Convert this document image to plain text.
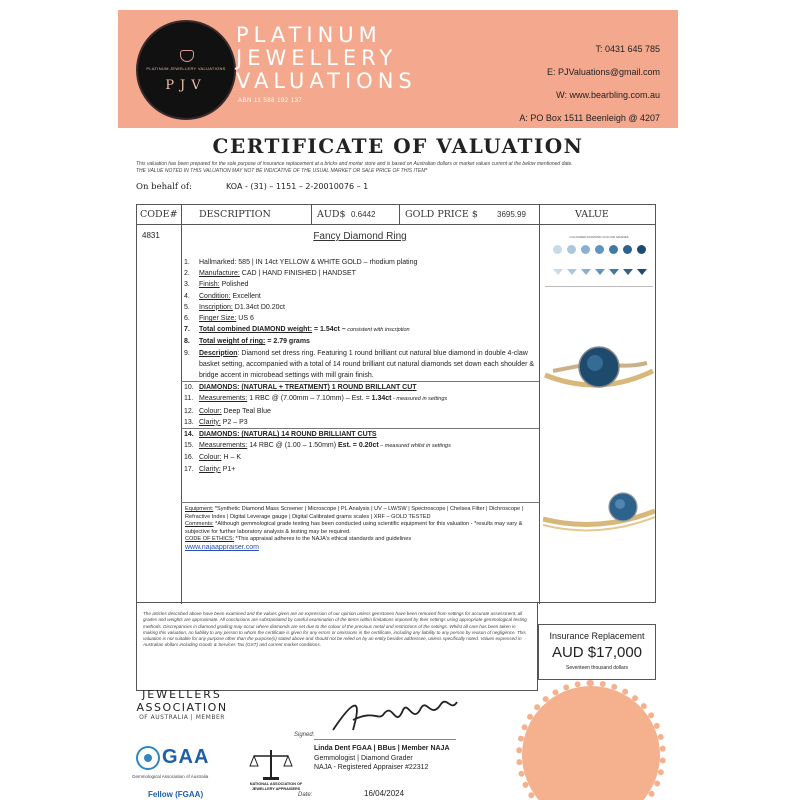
PLATINUM JEWELLERY VALUATIONS
PJV
PLATINUM
JEWELLERY
VALUATIONS
ABN 11 588 192 137
T: 0431 645 785
E: PJValuations@gmail.com
W: www.bearbling.com.au
A: PO Box 1511 Beenleigh @ 4207
CERTIFICATE OF VALUATION
This valuation has been prepared for the sole purpose of insurance replacement at a bricks and mortar store and is based on Australian dollars or market values current at the below mentioned date.
THE VALUE NOTED IN THIS VALUATION MAY NOT BE INDICATIVE OF THE USUAL MARKET OR SALE PRICE OF THIS ITEM*
On behalf of:	KOA - (31) – 1151 – 2-20010076 – 1
CODE# DESCRIPTION	AUD$ 0.6442	GOLD PRICE $ 3695.99	VALUE
4831	Fancy Diamond Ring
1. Hallmarked: 585 | IN 14ct YELLOW & WHITE GOLD – rhodium plating
2. Manufacture: CAD | HAND FINISHED | HANDSET
3. Finish: Polished
4. Condition: Excellent
5. Inscription: D1.34ct D0.20ct
6. Finger Size: US 6
7. Total combined DIAMOND weight: = 1.54ct – consistent with inscription
8. Total weight of ring: = 2.79 grams
9. Description: Diamond set dress ring. Featuring 1 round brilliant cut natural blue diamond in double 4-claw basket setting, accompanied with a total of 14 round brilliant cut natural diamonds set down each shoulder & bridge accent in microbead settings with mill grain finish.
10. DIAMONDS: (NATURAL + TREATMENT) 1 ROUND BRILLANT CUT
11. Measurements: 1 RBC @ (7.00mm – 7.10mm) – Est. = 1.34ct - measured in settings
12. Colour: Deep Teal Blue
13. Clarity: P2 – P3
14. DIAMONDS: (NATURAL) 14 ROUND BRILLIANT CUTS
15. Measurements: 14 RBC @ (1.00 – 1.50mm) Est. = 0.20ct – measured whilst in settings
16. Colour: H – K
17. Clarity: P1+
Equipment: *Synthetic Diamond Mass Screener | Microscope | PL Analysis | UV – LW/SW | Spectroscope | Chelsea Filter | Dichroscope | Refractive Index | Digital Leverage gauge | Digital Calibrated grams scales | XRF – GOLD TESTED
Comments: *Although gemmological grade testing has been conducted using scientific equipment for this valuation - *results may vary & subjective for further laboratory analysis & testing may be required.
CODE OF ETHICS: *This appraisal adheres to the NAJA's ethical standards and guidelines
www.najaappraiser.com
COLOURED DIAMOND COLOUR GRADES
The articles described above have been examined and the values given are an expression of our opinion unless gemstones have been removed from settings for accurate assessment, all grades and weights are approximate. All conclusions are substantiated by careful examination of the items within limitations imposed by their settings using appropriate gemmological testing methods. Discrepancies in diamond grading may occur where diamonds are set due to the colour of the precious metal and restrictions of the settings. Whilst all care has been taken in making this valuation, no liability to any person to whom the certificate is given for any errors or omissions in the certificate, including any liability to any person by reason of negligence. This valuation is not suitable for any purpose other than the purpose(s) stated above and should not be relied on by an entity besides addressee, unless specifically noted. Values expressed in Australian dollars including Goods & Services Tax (GST) and current market conditions.
Insurance Replacement
AUD $17,000
Seventeen thousand dollars
JEWELLERS
ASSOCIATION
OF AUSTRALIA | MEMBER
GAA
Gemmological Association of Australia
Fellow (FGAA)
NATIONAL ASSOCIATION OF JEWELLERY APPRAISERS
Signed:
Linda Dent FGAA | BBus | Member NAJA
Gemmologist | Diamond Grader
NAJA - Registered Appraiser #22312
Date:	16/04/2024
